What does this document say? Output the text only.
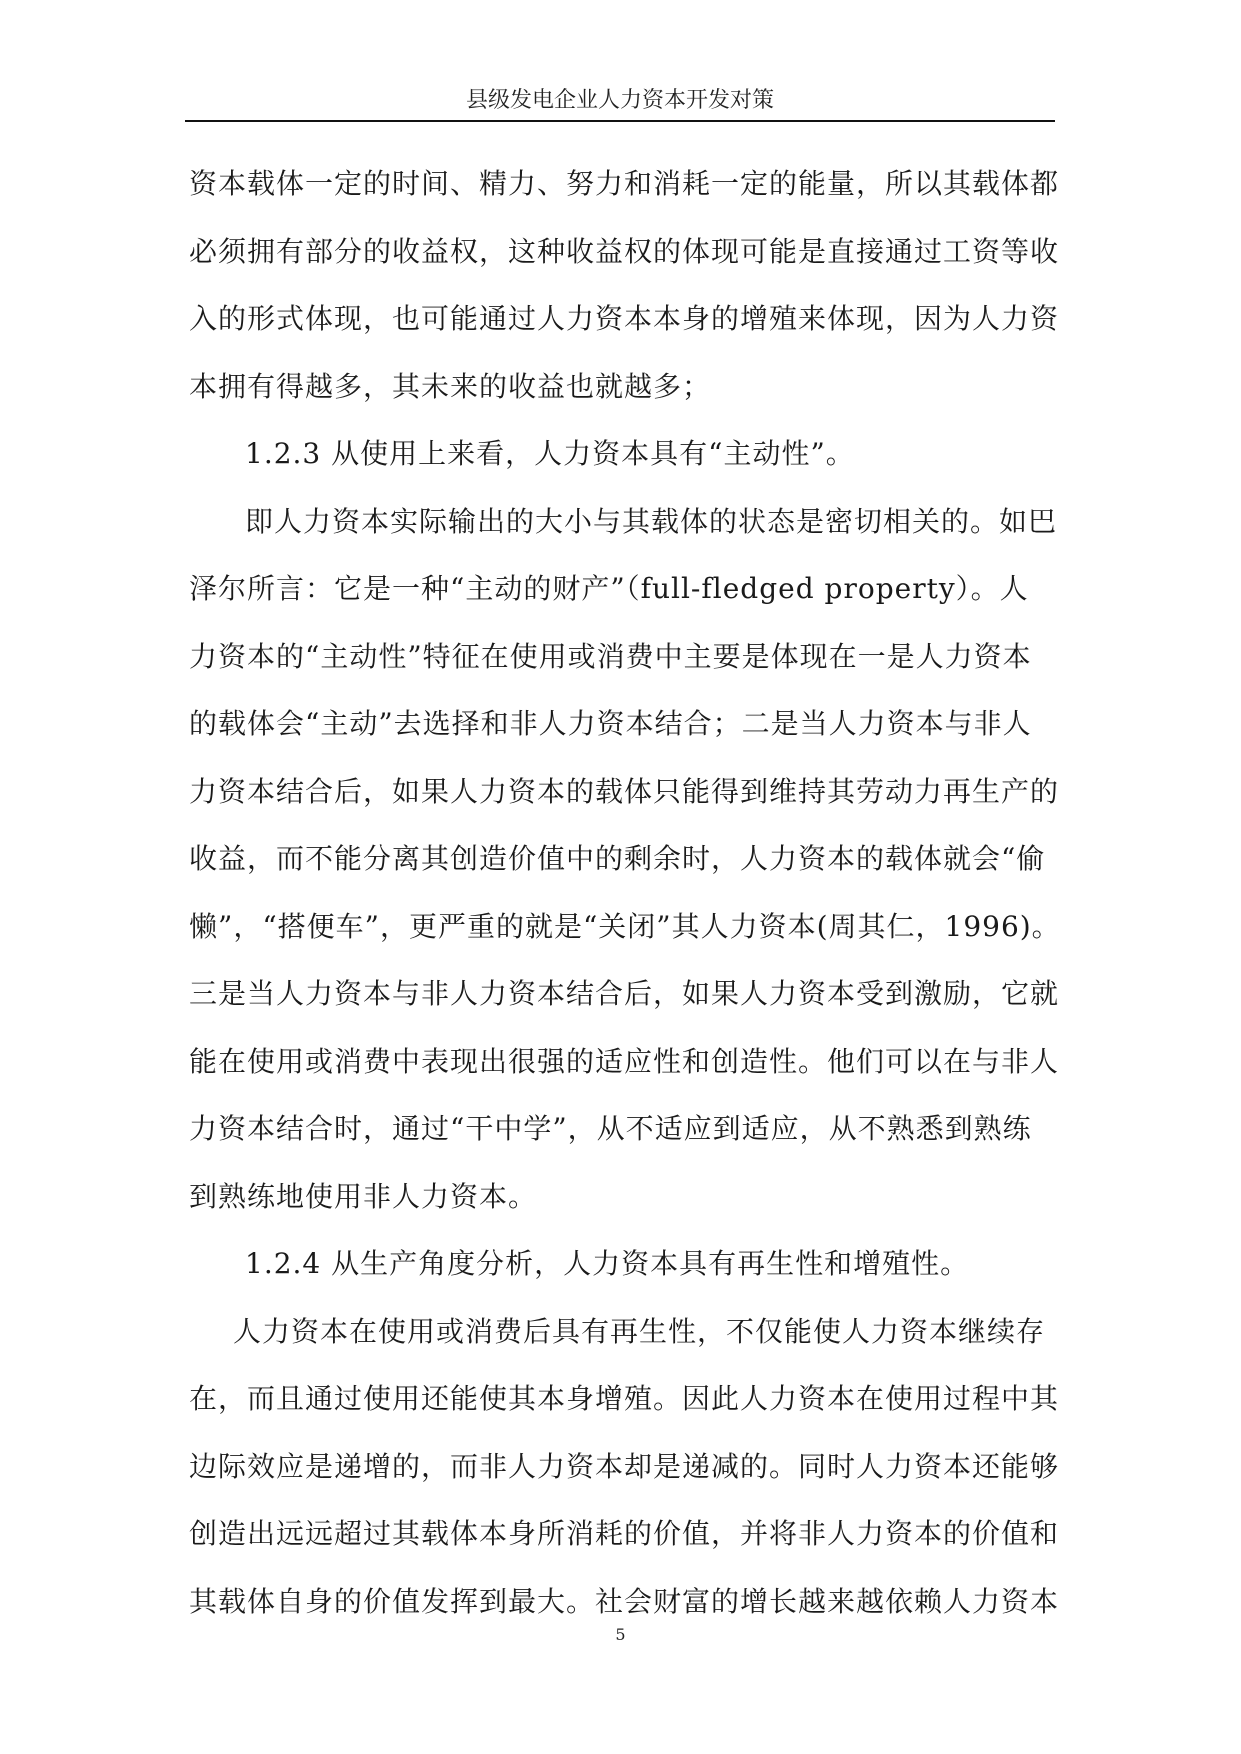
县级发电企业人力资本开发对策
资本载体一定的时间、精力、努力和消耗一定的能量，所以其载体都
必须拥有部分的收益权，这种收益权的体现可能是直接通过工资等收
入的形式体现，也可能通过人力资本本身的增殖来体现，因为人力资
本拥有得越多，其未来的收益也就越多；
1.2.3 从使用上来看，人力资本具有“主动性”。
即人力资本实际输出的大小与其载体的状态是密切相关的。如巴
泽尔所言：它是一种“主动的财产”（full-fledged property）。人
力资本的“主动性”特征在使用或消费中主要是体现在一是人力资本
的载体会“主动”去选择和非人力资本结合；二是当人力资本与非人
力资本结合后，如果人力资本的载体只能得到维持其劳动力再生产的
收益，而不能分离其创造价值中的剩余时，人力资本的载体就会“偷
懒”，“搭便车”，更严重的就是“关闭”其人力资本(周其仁，1996)。
三是当人力资本与非人力资本结合后，如果人力资本受到激励，它就
能在使用或消费中表现出很强的适应性和创造性。他们可以在与非人
力资本结合时，通过“干中学”，从不适应到适应，从不熟悉到熟练
到熟练地使用非人力资本。
1.2.4 从生产角度分析，人力资本具有再生性和增殖性。
人力资本在使用或消费后具有再生性，不仅能使人力资本继续存
在，而且通过使用还能使其本身增殖。因此人力资本在使用过程中其
边际效应是递增的，而非人力资本却是递减的。同时人力资本还能够
创造出远远超过其载体本身所消耗的价值，并将非人力资本的价值和
其载体自身的价值发挥到最大。社会财富的增长越来越依赖人力资本
5
